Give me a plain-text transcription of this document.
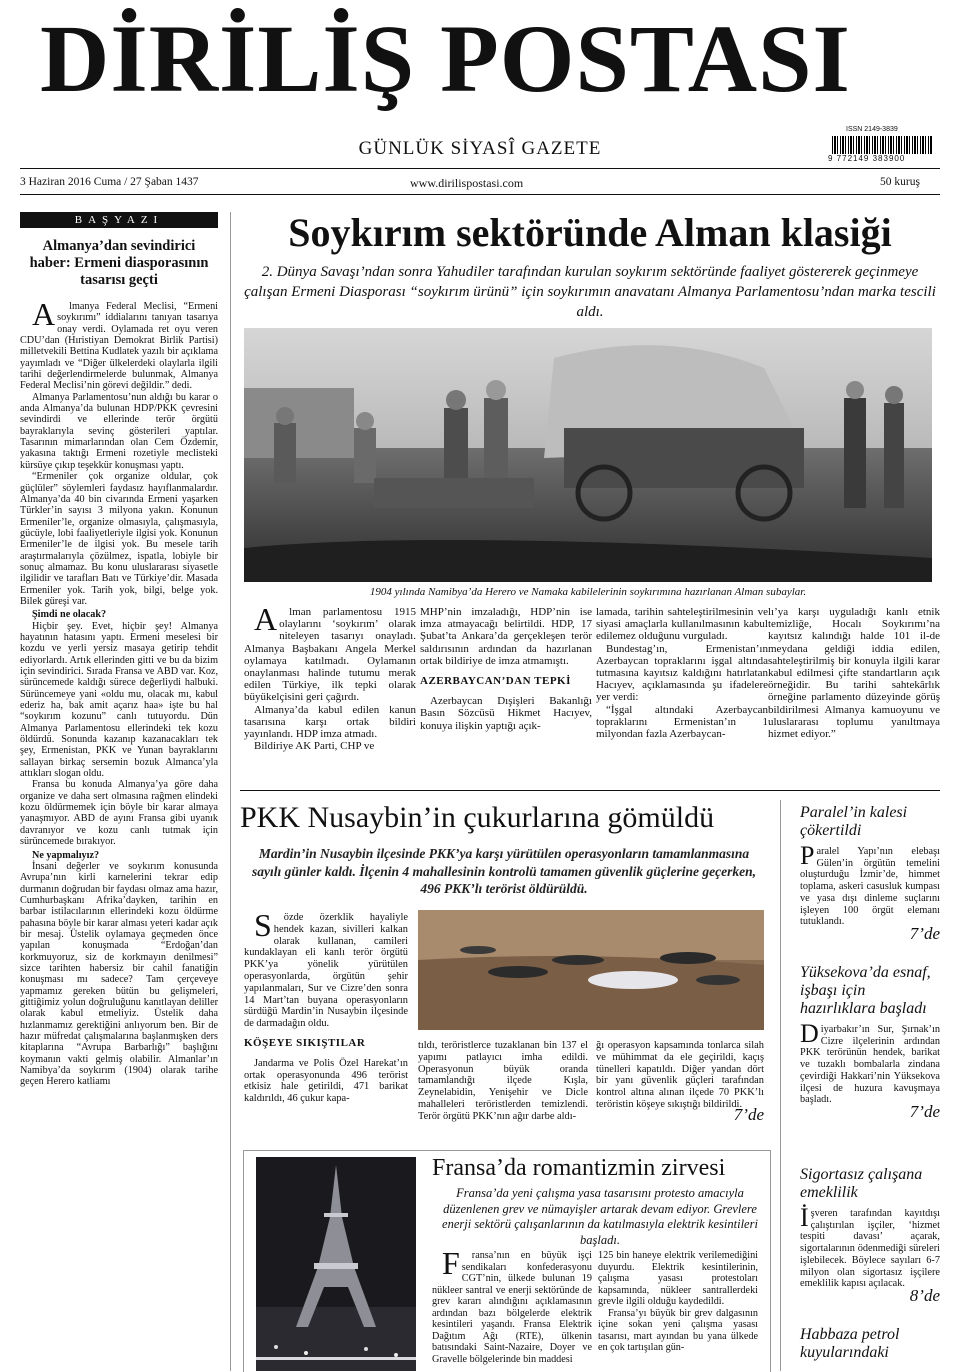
DİRİLİŞ POSTASI
GÜNLÜK SİYASÎ GAZETE
ISSN 2149-3839
9 772149 383900
3 Haziran 2016 Cuma / 27 Şaban 1437	www.dirilispostasi.com	50 kuruş
BAŞYAZI
Almanya’dan sevindirici haber: Ermeni diasporasının tasarısı geçti

Almanya Federal Meclisi, “Ermeni soykırımı” iddialarını tanıyan tasarıya onay verdi. Oylamada ret oyu veren CDU’dan (Hıristiyan Demokrat Birlik Partisi) milletvekili Bettina Kudlatek yazılı bir açıklama yayımladı ve “Diğer ülkelerdeki olaylarla ilgili tarihi değerlendirmelerde bulunmak, Almanya Federal Meclisi’nin görevi değildir.” dedi.

Almanya Parlamentosu’nun aldığı bu karar o anda Almanya’da bulunan HDP/PKK çevresini sevindirdi ve ellerinde terör örgütü bayraklarıyla sevinç gösterileri yaptılar. Tasarının mimarlarından olan Cem Özdemir, yakasına taktığı Ermeni rozetiyle meclisteki kürsüye çıkıp teşekkür konuşması yaptı.

“Ermeniler çok organize oldular, çok güçlüler” söylemleri faydasız hayıflanmalardır. Almanya’da 40 bin civarında Ermeni yaşarken Türkler’in sayısı 3 milyona yakın. Konunun Ermeniler’le, organize olmasıyla, çalışmasıyla, gücüyle, lobi faaliyetleriyle ilgisi yok. Konunun Ermeniler’le de ilgisi yok. Bu mesele tarih araştırmalarıyla çözülmez, ispatla, lobiyle bir sonuç almamaz. Bu konu uluslararası siyasetle ilgilidir ve tarafları Batı ve Türkiye’dir. Masada Ermeniler yok. Tarih yok, bilgi, belge yok. Bilek güreşi var.

Şimdi ne olacak?

Hiçbir şey. Evet, hiçbir şey! Almanya hayatının hatasını yaptı. Ermeni meselesi bir kozdu ve yerli yersiz masaya getirip tehdit ediyorlardı. Artık ellerinden gitti ve bu da bizim için sevindirici. Sırada Fransa ve ABD var. Koz, sürüncemede kaldığı sürece değerliydi halbuki. Sürüncemeye yani «oldu mu, olacak mı, kabul ederiz ha, bak amit açarız haa» işte bu hal “soykırım kozunu” canlı tutuyordu. Dün Almanya Parlamentosu ellerindeki tek kozu öldürdü. Sonunda kazanıp kazanacakları tek şey, Ermenistan, PKK ve Yunan bayraklarını sallayan birkaç sersemin bozuk Almanca’yla attıkları slogan oldu.

Fransa bu konuda Almanya’ya göre daha organize ve daha sert olmasına rağmen elindeki kozu öldürmemek için böyle bir karar almaya yanaşmıyor. ABD de ayını Fransa gibi uyanık davranıyor ve kozu canlı tutmak için sürüncemede bırakıyor.

Ne yapmalıyız?

İnsani değerler ve soykırım konusunda Avrupa’nın kirli karnelerini tekrar edip durmanın doğrudan bir faydası olmaz ama hazır, Cumhurbaşkanı Afrika’dayken, tarihin en barbar istilacılarının ellerindeki kozu öldürme pahasına böyle bir karar alması yeteri kadar açık bir mesaj. Üstelik oylamaya geçmeden önce yapılan konuşmada “Erdoğan’dan korkmuyoruz, siz de korkmayın denilmesi” sizce tarihten habersiz bir cahil fanatiğin konuşması mı sadece? Tam çerçeveye yapmamız gereken bütün bu gelişmeleri, gittiğimiz yolun doğruluğunu kanıtlayan deliller olarak kabul etmeliyiz. Üstelik daha hızlanmamız gerektiğini anlıyorum ben. Bir de hazır müfredat çalışmalarına başlanmışken ders kitaplarına “Avrupa Barbarlığı” başlığını koymanın vakti gelmiş olabilir. Almanlar’ın Namibya’da soykırım (1904) olarak tarihe geçen Herero katliamı

Soykırım sektöründe Alman klasiği
2. Dünya Savaşı’ndan sonra Yahudiler tarafından kurulan soykırım sektöründe faaliyet göstererek geçinmeye çalışan Ermeni Diasporası “soykırım ürünü” için soykırımın anavatanı Almanya Parlamentosu’ndan marka tescili aldı.
1904 yılında Namibya’da Herero ve Namaka kabilelerinin soykırımına hazırlanan Alman subaylar.

Alman parlamentosu 1915 olaylarını ‘soykırım’ olarak niteleyen tasarıyı onayladı. Almanya Başbakanı Angela Merkel oylamaya katılmadı. Oylamanın onaylanması halinde tutumu merak edilen Türkiye, ilk tepki olarak büyükelçisini geri çağırdı.

Almanya’da kabul edilen kanun tasarısına karşı ortak bildiri yayınlandı. HDP imza atmadı.

Bildiriye AK Parti, CHP ve

MHP’nin imzaladığı, HDP’nin ise imza atmayacağı belirtildi. HDP, 17 Şubat’ta Ankara’da gerçekleşen terör saldırısının ardından da hazırlanan ortak bildiriye de imza atmamıştı.

AZERBAYCAN’DAN TEPKİ

Azerbaycan Dışişleri Bakanlığı Basın Sözcüsü Hikmet Hacıyev, konuya ilişkin yaptığı açık-

lamada, tarihin sahteleştirilmesinin ve siyasi amaçlarla kullanılmasının kabul edilemez olduğunu vurguladı.

Bundestag’ın, Ermenistan’ın Azerbaycan topraklarını işgal altında tutmasına kayıtsız kaldığını hatırlatan Hacıyev, açıklamasında şu ifadelere yer verdi:

“İşgal altındaki Azerbaycan topraklarını Ermenistan’ın 1 milyondan fazla Azerbaycan-

lı’ya karşı uyguladığı kanlı etnik temizliğe, Hocalı Soykırımı’na kayıtsız kalındığı halde 101 il-de meydana geldiği iddia edilen, sahteleştirilmiş bir konuyla ilgili karar kabul edilmesi çifte standartların açık örneğidir. Bu tarihi sahtekârlık örneğine parlamento düzeyinde görüş bildirilmesi Almanya kamuoyunu ve uluslararası toplumu yanıltmaya hizmet ediyor.”

PKK Nusaybin’in çukurlarına gömüldü
Mardin’in Nusaybin ilçesinde PKK’ya karşı yürütülen operasyonların tamamlanmasına sayılı günler kaldı. İlçenin 4 mahallesinin kontrolü tamamen güvenlik güçlerine geçerken, 496 PKK’lı terörist öldürüldü.

Sözde özerklik hayaliyle hendek kazan, sivilleri kalkan olarak kullanan, camileri kundaklayan eli kanlı terör örgütü PKK’ya yönelik yürütülen operasyonlarda, örgütün şehir yapılanmaları, Sur ve Cizre’den sonra 14 Mart’tan buyana operasyonların sürdüğü Mardin’in Nusaybin ilçesinde de darmadağın oldu.

KÖŞEYE SIKIŞTILAR

Jandarma ve Polis Özel Harekat’ın ortak operasyonunda 496 terörist etkisiz hale getirildi, 471 barikat kaldırıldı, 46 çukur kapa-

tıldı, teröristlerce tuzaklanan bin 137 el yapımı patlayıcı imha edildi. Operasyonun büyük oranda tamamlandığı ilçede Kışla, Zeynelabidin, Yenişehir ve Dicle mahalleleri teröristlerden temizlendi. Terör örgütü PKK’nın ağır darbe aldı-

ğı operasyon kapsamında tonlarca silah ve mühimmat da ele geçirildi, kaçış tünelleri kapatıldı. Diğer yandan dört bir yanı güvenlik güçleri tarafından kontrol altına alınan ilçede 70 PKK’lı teröristin köşeye sıkıştığı bildirildi.

7’de

Paralel’in kalesi çökertildi

Paralel Yapı’nın elebaşı Gülen’in örgütün temelini oluşturduğu İzmir’de, himmet toplama, askeri casusluk kumpası ve yasa dışı dinleme suçlarını işleyen 100 örgüt elemanı tutuklandı.

7’de

Yüksekova’da esnaf, işbaşı için hazırlıklara başladı

Diyarbakır’ın Sur, Şırnak’ın Cizre ilçelerinin ardından PKK terörünün hendek, barikat ve tuzaklı bombalarla zindana çevirdiği Hakkari’nin Yüksekova ilçesi de huzura kavuşmaya başladı.

7’de

Sigortasız çalışana emeklilik

İşveren tarafından kayıtdışı çalıştırılan işçiler, ‘hizmet tespiti davası’ açarak, sigortalarının ödenmediği süreleri işlebilecek. Böylece sayıları 6-7 milyon olan sigortasız işçilere emeklilik kapısı açılacak.

8’de

Habbaza petrol kuyularındaki

Fransa’da romantizmin zirvesi
Fransa’da yeni çalışma yasa tasarısını protesto amacıyla düzenlenen grev ve nümayişler artarak devam ediyor. Grevlere enerji sektörü çalışanlarının da katılmasıyla elektrik kesintileri başladı.

Fransa’nın en büyük işçi sendikaları konfederasyonu CGT’nin, ülkede bulunan 19 nükleer santral ve enerji sektöründe de grev kararı alındığını açıklamasının ardından bazı bölgelerde elektrik kesintileri yaşandı. Fransa Elektrik Dağıtım Ağı (RTE), ülkenin batısındaki Saint-Nazaire, Doyer ve Gravelle bölgelerinde bin maddesi

125 bin haneye elektrik verilemediğini duyurdu. Elektrik kesintilerinin, çalışma yasası protestoları kapsamında, nükleer santrallerdeki grevle ilgili olduğu kaydedildi.

Fransa’yı büyük bir grev dalgasının içine sokan yeni çalışma yasası tasarısı, mart ayından bu yana ülkede en çok tartışılan gün-
